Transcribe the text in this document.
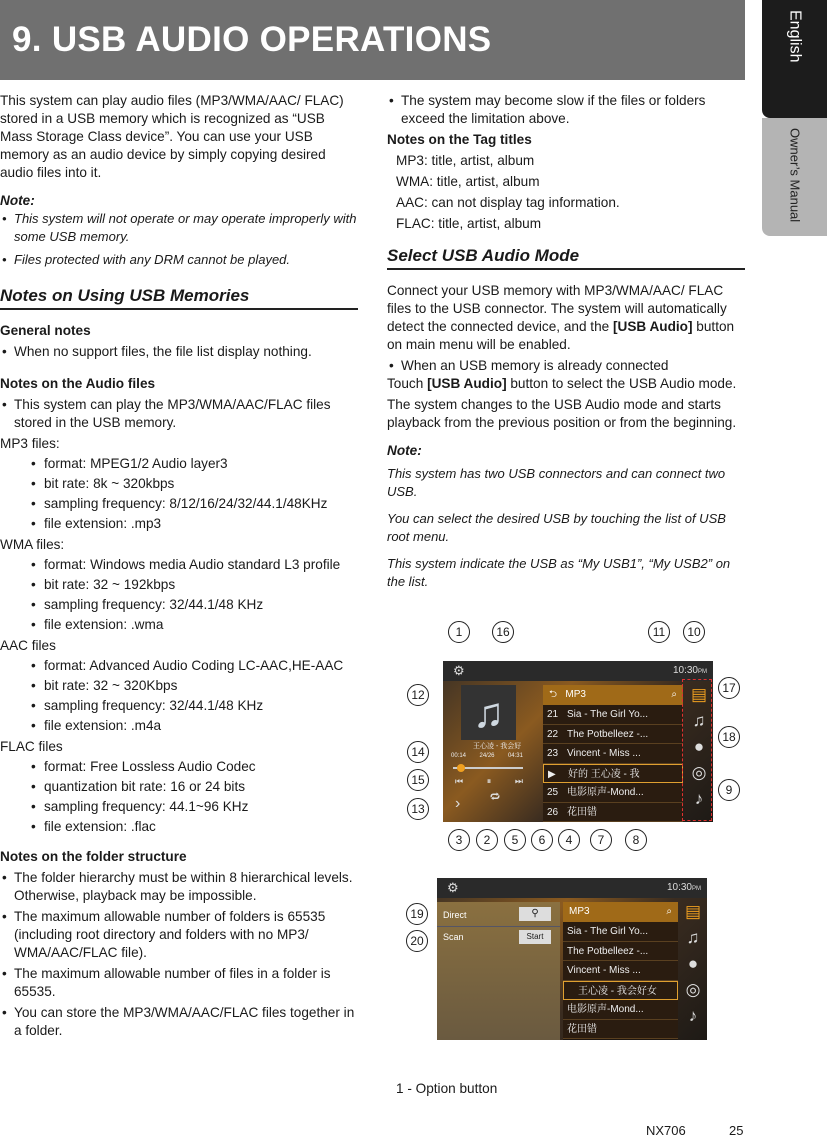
9. USB AUDIO OPERATIONS	English
Owner’s Manual

This system can play audio files (MP3/WMA/AAC/ FLAC) stored in a USB memory which is recognized as “USB Mass Storage Class device”. You can use your USB memory as an audio device by simply copying desired audio files into it.

Note:

• This system will not operate or may operate improperly with some USB memory.

• Files protected with any DRM cannot be played.

Notes on Using USB Memories

General notes

• When no support files, the file list display nothing.

Notes on the Audio files

• This system can play the MP3/WMA/AAC/FLAC files stored in the USB memory.

MP3 files:

• format: MPEG1/2 Audio layer3

• bit rate: 8k ~ 320kbps

• sampling frequency: 8/12/16/24/32/44.1/48KHz

• file extension: .mp3

WMA files:

• format: Windows media Audio standard L3 profile

• bit rate: 32 ~ 192kbps

• sampling frequency: 32/44.1/48 KHz

• file extension: .wma

AAC files

• format: Advanced Audio Coding LC-AAC,HE-AAC

• bit rate: 32 ~ 320Kbps

• sampling frequency: 32/44.1/48 KHz

• file extension: .m4a

FLAC files

• format: Free Lossless Audio Codec

• quantization bit rate: 16 or 24 bits

• sampling frequency: 44.1~96 KHz

• file extension: .flac

Notes on the folder structure

• The folder hierarchy must be within 8 hierarchical levels. Otherwise, playback may be impossible.

• The maximum allowable number of folders is 65535 (including root directory and folders with no MP3/ WMA/AAC/FLAC file).

• The maximum allowable number of files in a folder is 65535.

• You can store the MP3/WMA/AAC/FLAC files together in a folder.

• The system may become slow if the files or folders exceed the limitation above.

Notes on the Tag titles

MP3: title, artist, album

WMA: title, artist, album

AAC: can not display tag information.

FLAC: title, artist, album

Select USB Audio Mode

Connect your USB memory with MP3/WMA/AAC/ FLAC files to the USB connector. The system will automatically detect the connected device, and the [USB Audio] button on main menu will be enabled.

• When an USB memory is already connected

Touch [USB Audio] button to select the USB Audio mode.

The system changes to the USB Audio mode and starts playback from the previous position or from the beginning.

Note:

This system has two USB connectors and can connect two USB.

You can select the desired USB by touching the list of USB root menu.

This system indicate the USB as “My USB1”, “My USB2” on the list.

⚙	10:30PM
♫
王心凌 - 我会好
00:14 24/26 04:31
⏮	⏸	⏭
🔁︎
›
⮌   MP3	⌕
21 Sia - The Girl Yo...
22 The Potbelleez -...
23 Vincent - Miss ...
▶ 好的 王心凌 - 我
25 电影原声-Mond...
26 花田错
▤
♫
●
◎
♪
⚙	10:30PM
Direct	⚲
Scan	Start
MP3	⌕
Sia - The Girl Yo...
The Potbelleez -...
Vincent - Miss ...
王心凌 - 我会好女
电影原声-Mond...
花田错
▤
♫
●
◎
♪
1	16	11	10
12	17
18
14
15
9
13
3	2	5	6	4	7	8
19
20
1 - Option button
NX706	25
